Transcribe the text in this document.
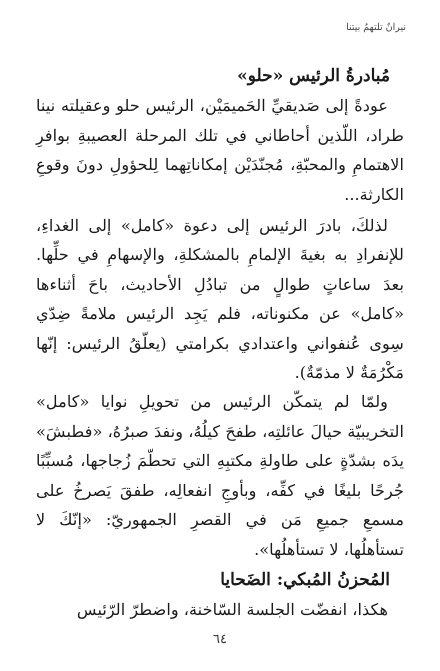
نيرانٌ تلتهمُ بيتنا

مُبادرةُ الرئيس «حلو»

عودةً إلى صَديقيِّ الحَميمَيْن، الرئيس حلو وعقيلته نينا طراد، اللّذين أحاطاني في تلك المرحلة العصيبةِ بوافرِ الاهتمامِ والمحبّةِ، مُجنّدَيْن إمكاناتِهما لِلحؤولِ دونَ وقوعِ الكارثة...

لذلكَ، بادرَ الرئيس إلى دعوة «كامل» إلى الغداءِ، للإنفرادِ به بغيةَ الإلمامِ بالمشكلةِ، والإسهامِ في حلِّها. بعدَ ساعاتٍ طوالٍ من تبادُلِ الأحاديث، باحَ أثناءها «كامل» عن مكنوناته، فلم يَجِد الرئيس ملامةً ضِدّي سِوى عُنفواني واعتدادي بكرامتي (يعلّقُ الرئيس: إنّها مَكْرُمَةٌ لا مذمّةٌ).

ولمّا لم يتمكّن الرئيس من تحويلِ نوايا «كامل» التخريبيّة حيالَ عائلتِه، طفحَ كيلُهُ، ونفدَ صبرُهُ، «فطبشَ» يدَه بشدّةٍ على طاولةِ مكتبِهِ التي تحطّمَ زُجاجها، مُسبِّبًا جُرحًا بليغًا في كفِّه، وبأوجِ انفعالِه، طفقَ يَصرخُ على مسمعِ جميعِ مَن في القصرِ الجمهوريّ: «إنّكَ لا تستأهلُها، لا تستأهلُها».

المُحزنُ المُبكي: الضَحايا

هكذا، انفضّت الجلسة السّاخنة، واضطرّ الرّئيس

٦٤
